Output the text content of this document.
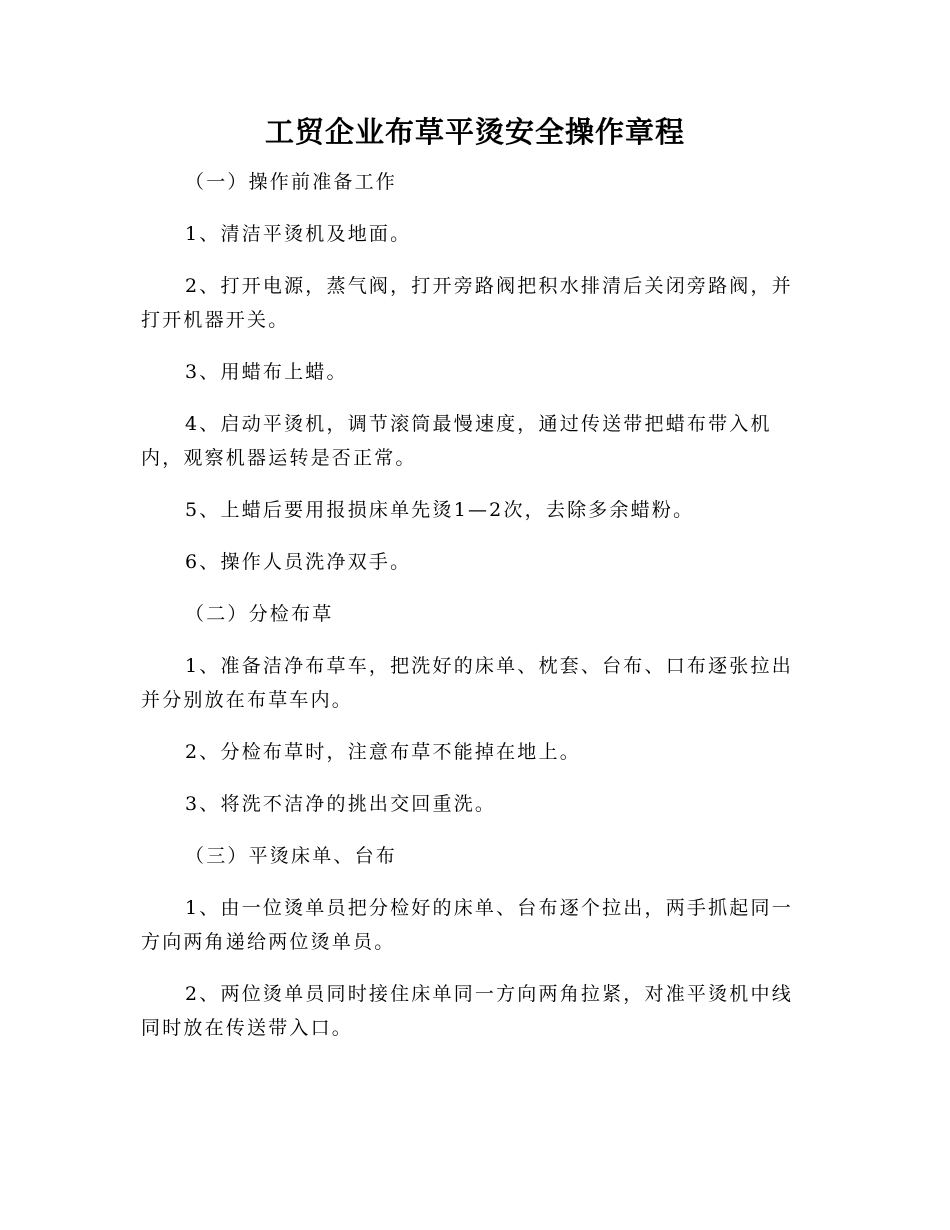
工贸企业布草平烫安全操作章程

（一）操作前准备工作

1、清洁平烫机及地面。

2、打开电源，蒸气阀，打开旁路阀把积水排清后关闭旁路阀，并打开机器开关。

3、用蜡布上蜡。

4、启动平烫机，调节滚筒最慢速度，通过传送带把蜡布带入机内，观察机器运转是否正常。

5、上蜡后要用报损床单先烫1—2次，去除多余蜡粉。

6、操作人员洗净双手。

（二）分检布草

1、准备洁净布草车，把洗好的床单、枕套、台布、口布逐张拉出并分别放在布草车内。

2、分检布草时，注意布草不能掉在地上。

3、将洗不洁净的挑出交回重洗。

（三）平烫床单、台布

1、由一位烫单员把分检好的床单、台布逐个拉出，两手抓起同一方向两角递给两位烫单员。

2、两位烫单员同时接住床单同一方向两角拉紧，对准平烫机中线同时放在传送带入口。
